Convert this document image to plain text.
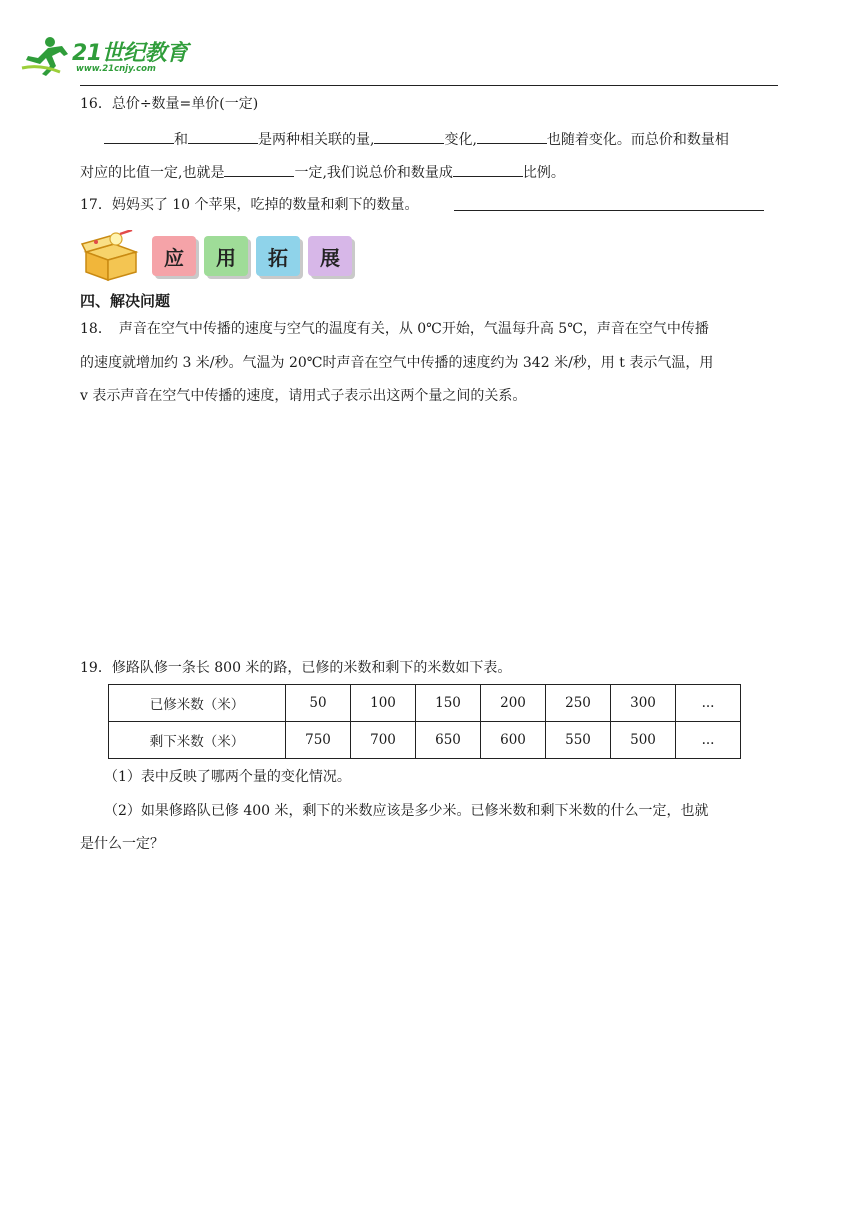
21世纪教育
www.21cnjy.com
16．总价÷数量=单价(一定)
和	是两种相关联的量,	变化,	也随着变化。而总价和数量相
对应的比值一定,也就是	一定,我们说总价和数量成	比例。
17．妈妈买了 10 个苹果，吃掉的数量和剩下的数量。
应	用	拓	展
四、解决问题
18．　声音在空气中传播的速度与空气的温度有关，从 0℃开始，气温每升高 5℃，声音在空气中传播
的速度就增加约 3 米/秒。气温为 20℃时声音在空气中传播的速度约为 342 米/秒，用 t 表示气温，用
v 表示声音在空气中传播的速度，请用式子表示出这两个量之间的关系。
19．修路队修一条长 800 米的路，已修的米数和剩下的米数如下表。
已修米数（米）	50	100	150	200	250	300	...
剩下米数（米）	750	700	650	600	550	500	...
（1）表中反映了哪两个量的变化情况。
（2）如果修路队已修 400 米，剩下的米数应该是多少米。已修米数和剩下米数的什么一定，也就
是什么一定？
